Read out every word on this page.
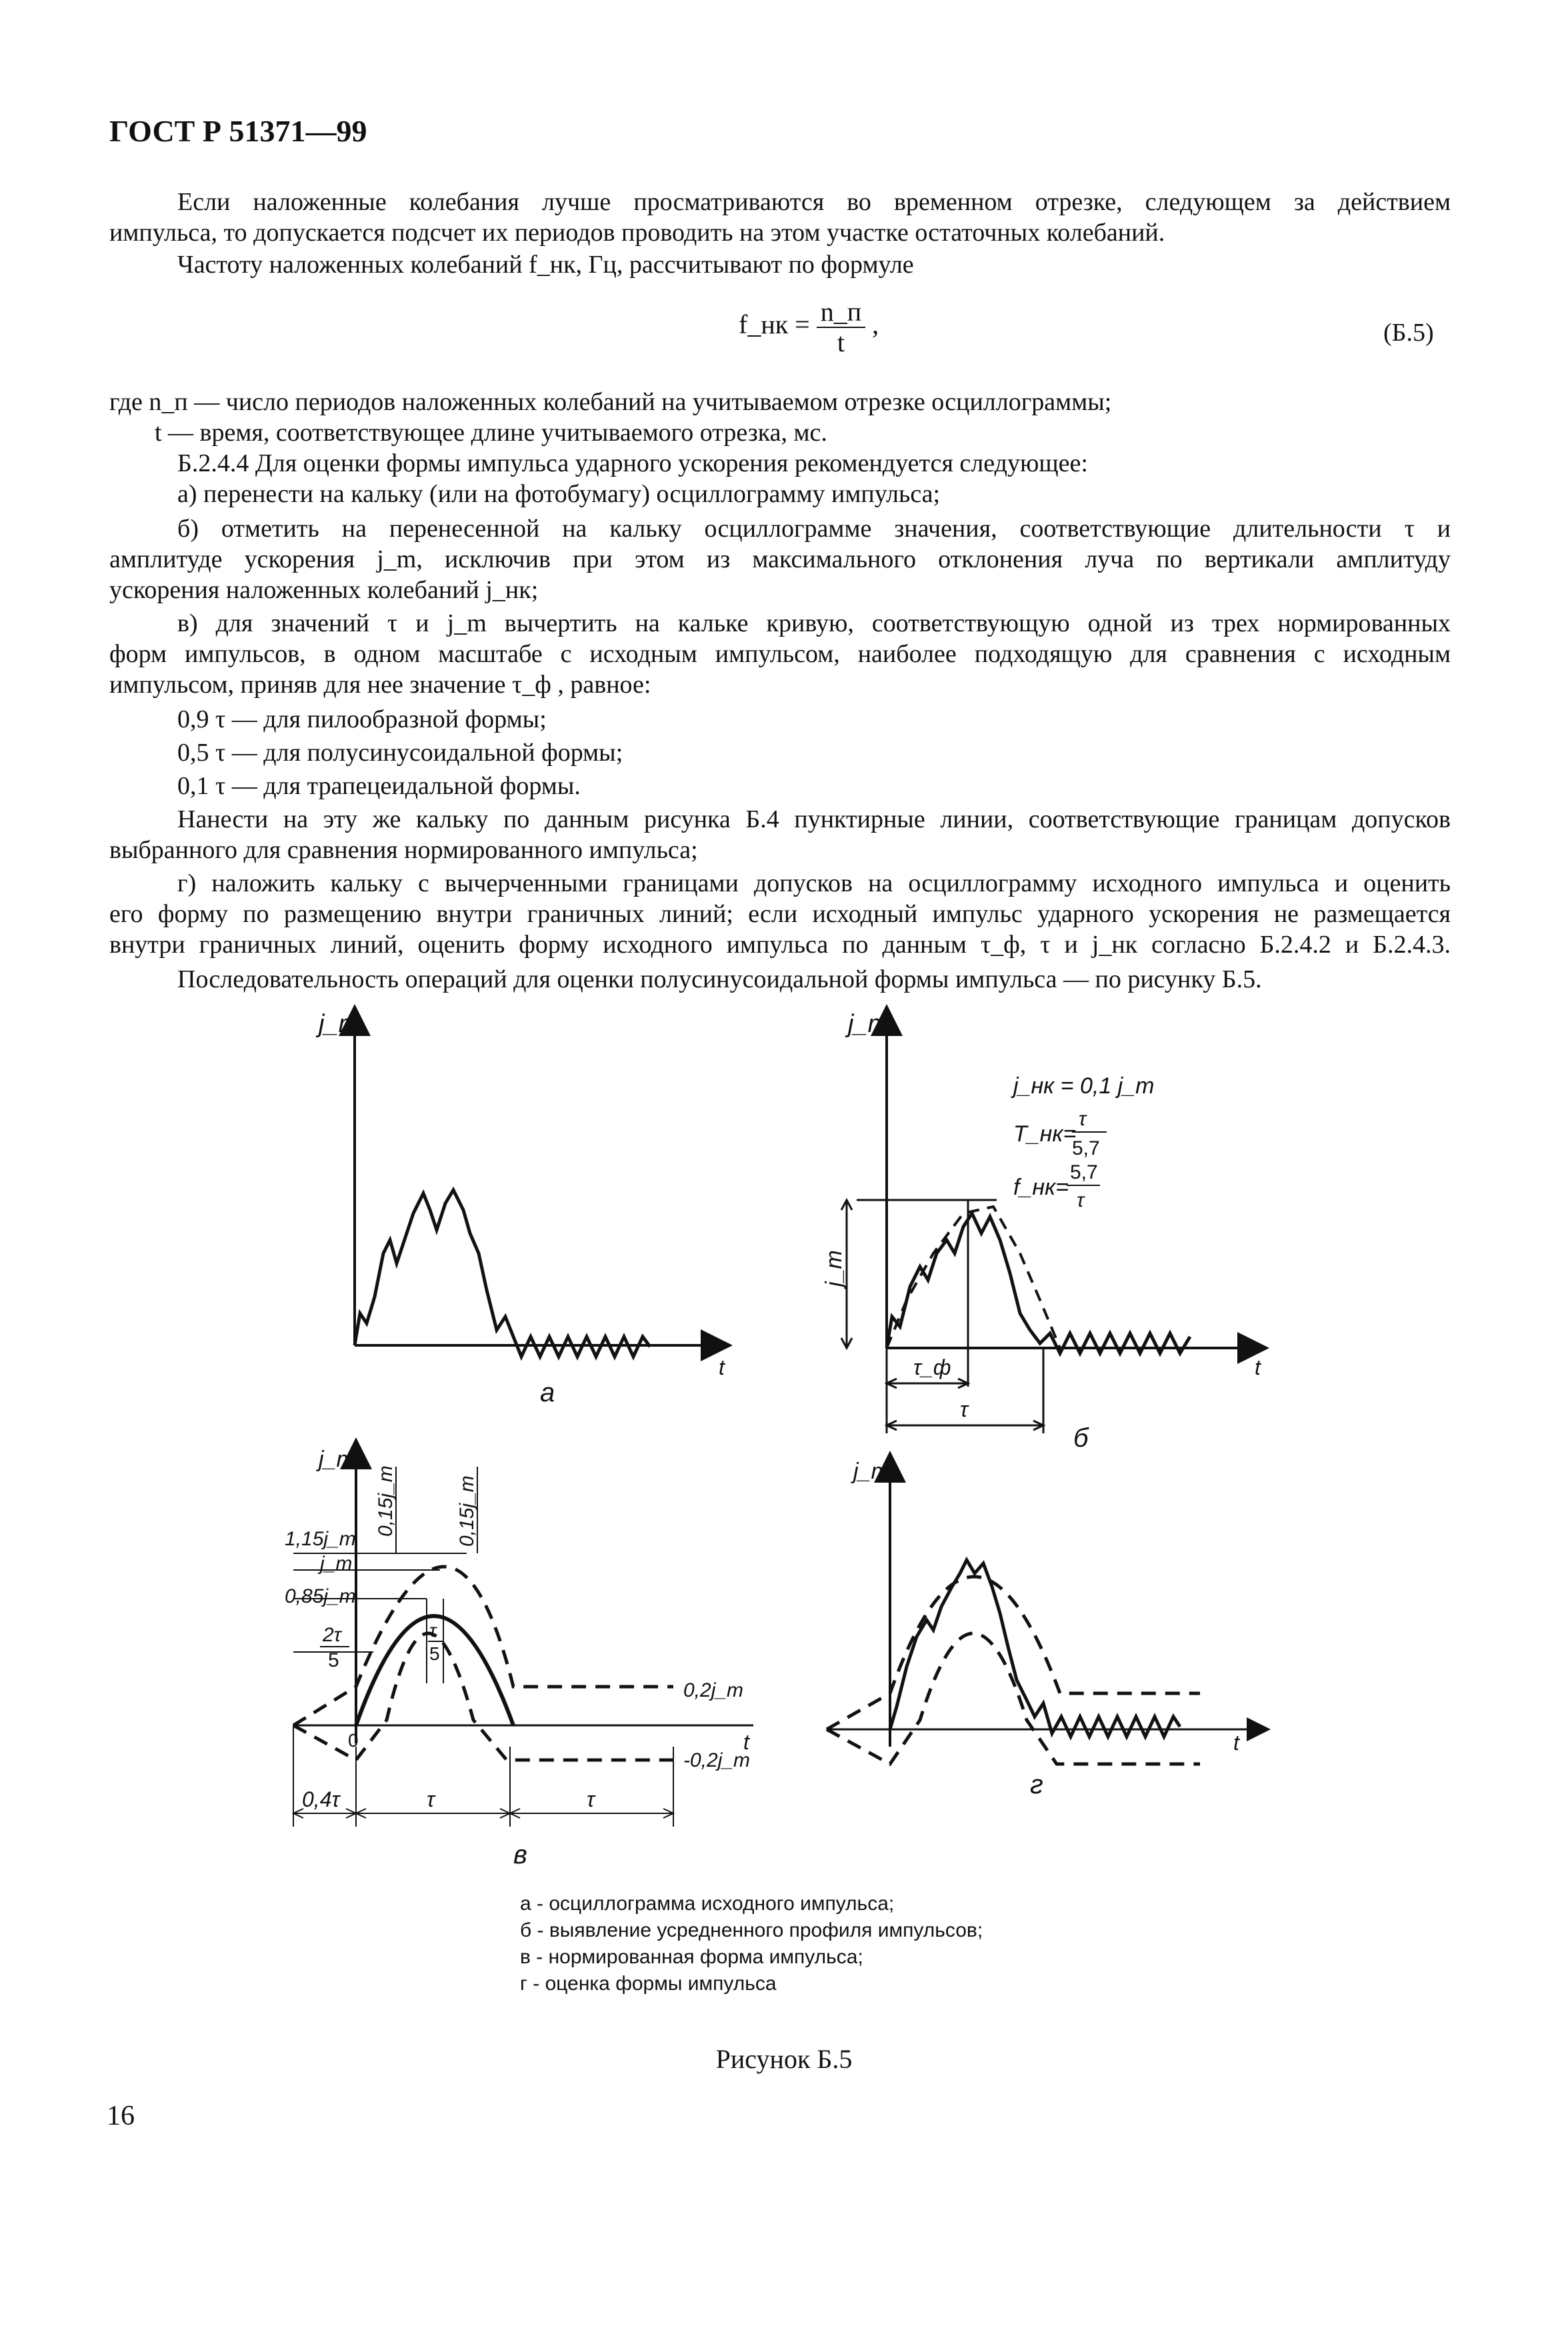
ГОСТ Р 51371—99
Если наложенные колебания лучше просматриваются во временном отрезке, следующем за действием
импульса, то допускается подсчет их периодов проводить на этом участке остаточных колебаний.
Частоту наложенных колебаний f_нк, Гц, рассчитывают по формуле
f_нк = $\frac{n\_п}{t}$ ,	(Б.5)
где n_п — число периодов наложенных колебаний на учитываемом отрезке осциллограммы;
t — время, соответствующее длине учитываемого отрезка, мс.
Б.2.4.4 Для оценки формы импульса ударного ускорения рекомендуется следующее:
а) перенести на кальку (или на фотобумагу) осциллограмму импульса;
б) отметить на перенесенной на кальку осциллограмме значения, соответствующие длительности τ и
амплитуде ускорения j_m, исключив при этом из максимального отклонения луча по вертикали амплитуду
ускорения наложенных колебаний j_нк;
в) для значений τ и j_m вычертить на кальке кривую, соответствующую одной из трех нормированных
форм импульсов, в одном масштабе с исходным импульсом, наиболее подходящую для сравнения с исходным
импульсом, приняв для нее значение τ_ф , равное:
0,9 τ — для пилообразной формы;
0,5 τ — для полусинусоидальной формы;
0,1 τ — для трапецеидальной формы.
Нанести на эту же кальку по данным рисунка Б.4 пунктирные линии, соответствующие границам допусков
выбранного для сравнения нормированного импульса;
г) наложить кальку с вычерченными границами допусков на осциллограмму исходного импульса и оценить
его форму по размещению внутри граничных линий; если исходный импульс ударного ускорения не размещается
внутри граничных линий, оценить форму исходного импульса по данным τ_ф, τ и j_нк согласно Б.2.4.2 и Б.2.4.3.
Последовательность операций для оценки полусинусоидальной формы импульса — по рисунку Б.5.
j_m
t
а
j_m
t
j_нк = 0,1 j_m
T_нк=
τ
5,7
f_нк=
5,7
τ
j_m
τ_ф
τ
б
j_m
t
1,15j_m
j_m
0,85j_m
0,15j_m	0,15j_m
2τ
5
τ
5
0,2j_m
-0,2j_m
0
0,4τ	τ	τ
в
j_m
t
г
а - осциллограмма исходного импульса;
б - выявление усредненного профиля импульсов;
в - нормированная форма импульса;
г - оценка формы импульса
Рисунок Б.5
16
